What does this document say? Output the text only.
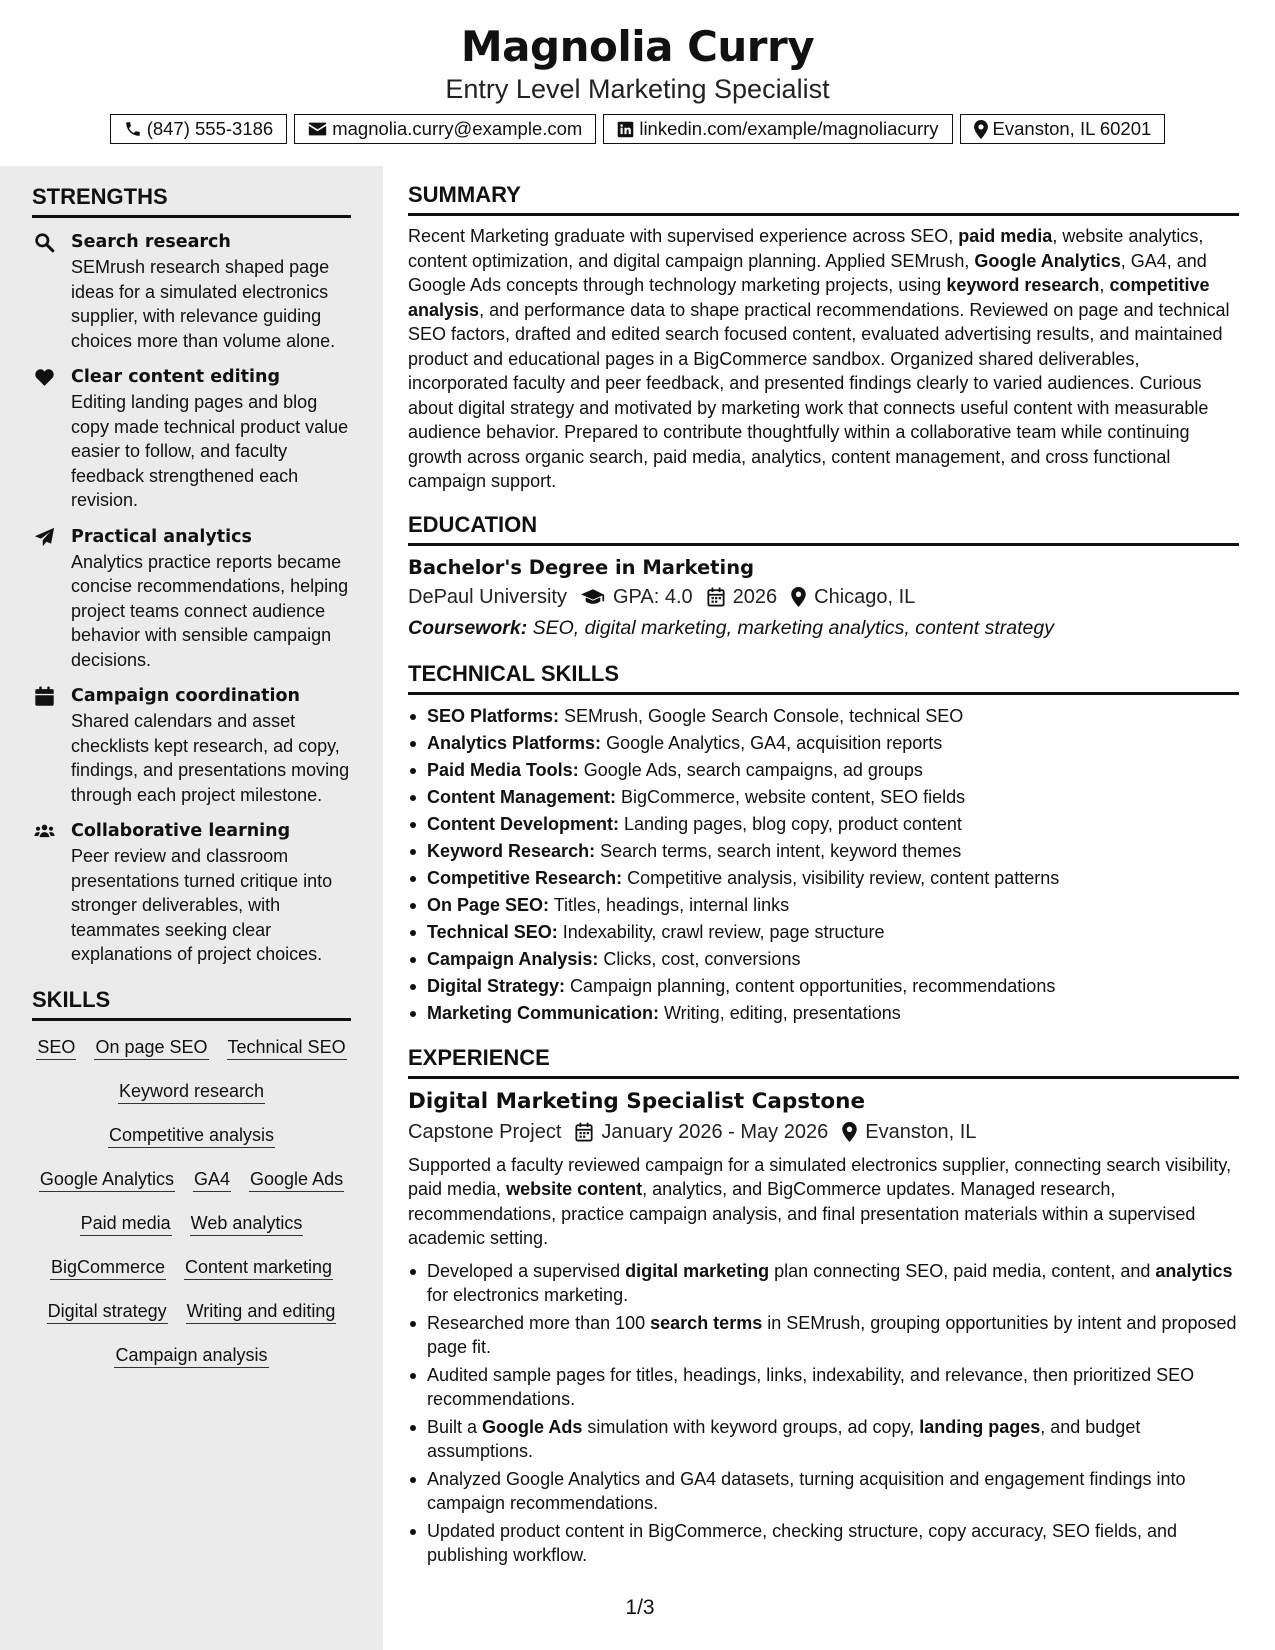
Magnolia Curry
Entry Level Marketing Specialist
(847) 555-3186	magnolia.curry@example.com	linkedin.com/example/magnoliacurry	Evanston, IL 60201
STRENGTHS
Search research
SEMrush research shaped page ideas for a simulated electronics supplier, with relevance guiding choices more than volume alone.
Clear content editing
Editing landing pages and blog copy made technical product value easier to follow, and faculty feedback strengthened each revision.
Practical analytics
Analytics practice reports became concise recommendations, helping project teams connect audience behavior with sensible campaign decisions.
Campaign coordination
Shared calendars and asset checklists kept research, ad copy, findings, and presentations moving through each project milestone.
Collaborative learning
Peer review and classroom presentations turned critique into stronger deliverables, with teammates seeking clear explanations of project choices.
SKILLS
SEO On page SEO Technical SEO
Keyword research
Competitive analysis
Google Analytics GA4 Google Ads
Paid media Web analytics
BigCommerce Content marketing
Digital strategy Writing and editing
Campaign analysis
SUMMARY

Recent Marketing graduate with supervised experience across SEO, paid media, website analytics, content optimization, and digital campaign planning. Applied SEMrush, Google Analytics, GA4, and Google Ads concepts through technology marketing projects, using keyword research, competitive analysis, and performance data to shape practical recommendations. Reviewed on page and technical SEO factors, drafted and edited search focused content, evaluated advertising results, and maintained product and educational pages in a BigCommerce sandbox. Organized shared deliverables, incorporated faculty and peer feedback, and presented findings clearly to varied audiences. Curious about digital strategy and motivated by marketing work that connects useful content with measurable audience behavior. Prepared to contribute thoughtfully within a collaborative team while continuing growth across organic search, paid media, analytics, content management, and cross functional campaign support.

EDUCATION
Bachelor's Degree in Marketing
DePaul University GPA: 4.0 2026 Chicago, IL
Coursework: SEO, digital marketing, marketing analytics, content strategy
TECHNICAL SKILLS
SEO Platforms: SEMrush, Google Search Console, technical SEO
Analytics Platforms: Google Analytics, GA4, acquisition reports
Paid Media Tools: Google Ads, search campaigns, ad groups
Content Management: BigCommerce, website content, SEO fields
Content Development: Landing pages, blog copy, product content
Keyword Research: Search terms, search intent, keyword themes
Competitive Research: Competitive analysis, visibility review, content patterns
On Page SEO: Titles, headings, internal links
Technical SEO: Indexability, crawl review, page structure
Campaign Analysis: Clicks, cost, conversions
Digital Strategy: Campaign planning, content opportunities, recommendations
Marketing Communication: Writing, editing, presentations
EXPERIENCE
Digital Marketing Specialist Capstone
Capstone Project January 2026 - May 2026 Evanston, IL

Supported a faculty reviewed campaign for a simulated electronics supplier, connecting search visibility, paid media, website content, analytics, and BigCommerce updates. Managed research, recommendations, practice campaign analysis, and final presentation materials within a supervised academic setting.

Developed a supervised digital marketing plan connecting SEO, paid media, content, and analytics for electronics marketing.
Researched more than 100 search terms in SEMrush, grouping opportunities by intent and proposed page fit.
Audited sample pages for titles, headings, links, indexability, and relevance, then prioritized SEO recommendations.
Built a Google Ads simulation with keyword groups, ad copy, landing pages, and budget assumptions.
Analyzed Google Analytics and GA4 datasets, turning acquisition and engagement findings into campaign recommendations.
Updated product content in BigCommerce, checking structure, copy accuracy, SEO fields, and publishing workflow.
1/3
